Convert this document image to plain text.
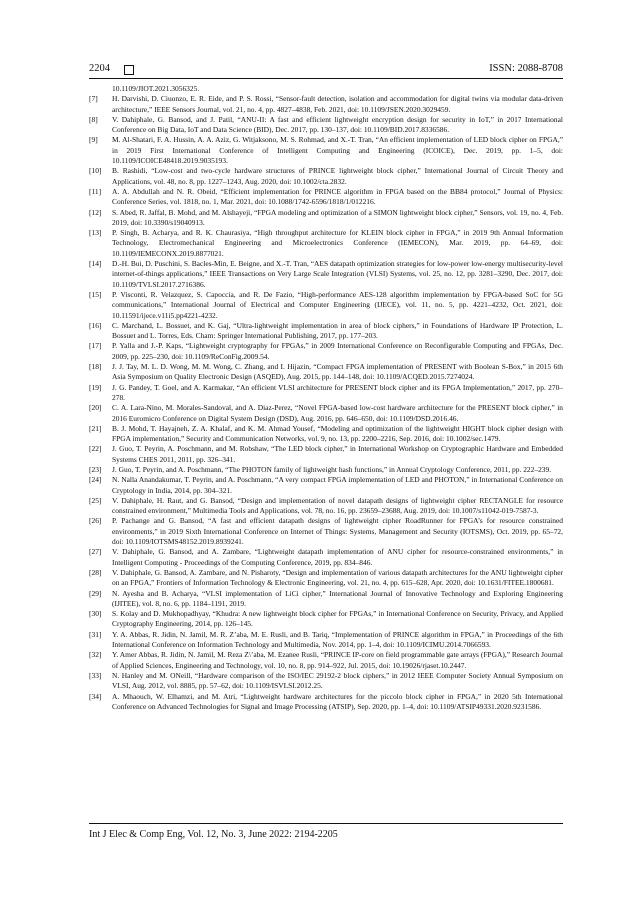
2204	ISSN: 2088-8708
10.1109/JIOT.2021.3056325.
[7] H. Darvishi, D. Ciuonzo, E. R. Eide, and P. S. Rossi, “Sensor-fault detection, isolation and accommodation for digital twins via modular data-driven architecture,” IEEE Sensors Journal, vol. 21, no. 4, pp. 4827–4838, Feb. 2021, doi: 10.1109/JSEN.2020.3029459.
[8] V. Dahiphale, G. Bansod, and J. Patil, “ANU-II: A fast and efficient lightweight encryption design for security in IoT,” in 2017 International Conference on Big Data, IoT and Data Science (BID), Dec. 2017, pp. 130–137, doi: 10.1109/BID.2017.8336586.
[9] M. Al-Shatari, F. A. Hussin, A. A. Aziz, G. Witjaksono, M. S. Rohmad, and X.-T. Tran, “An efficient implementation of LED block cipher on FPGA,” in 2019 First International Conference of Intelligent Computing and Engineering (ICOICE), Dec. 2019, pp. 1–5, doi: 10.1109/ICOICE48418.2019.9035193.
[10] B. Rashidi, “Low-cost and two-cycle hardware structures of PRINCE lightweight block cipher,” International Journal of Circuit Theory and Applications, vol. 48, no. 8, pp. 1227–1243, Aug. 2020, doi: 10.1002/cta.2832.
[11] A. A. Abdullah and N. R. Obeid, “Efficient implementation for PRINCE algorithm in FPGA based on the BB84 protocol,” Journal of Physics: Conference Series, vol. 1818, no. 1, Mar. 2021, doi: 10.1088/1742-6596/1818/1/012216.
[12] S. Abed, R. Jaffal, B. Mohd, and M. Alshayeji, “FPGA modeling and optimization of a SIMON lightweight block cipher,” Sensors, vol. 19, no. 4, Feb. 2019, doi: 10.3390/s19040913.
[13] P. Singh, B. Acharya, and R. K. Chaurasiya, “High throughput architecture for KLEIN block cipher in FPGA,” in 2019 9th Annual Information Technology, Electromechanical Engineering and Microelectronics Conference (IEMECON), Mar. 2019, pp. 64–69, doi: 10.1109/IEMECONX.2019.8877021.
[14] D.-H. Bui, D. Puschini, S. Bacles-Min, E. Beigne, and X.-T. Tran, “AES datapath optimization strategies for low-power low-energy multisecurity-level internet-of-things applications,” IEEE Transactions on Very Large Scale Integration (VLSI) Systems, vol. 25, no. 12, pp. 3281–3290, Dec. 2017, doi: 10.1109/TVLSI.2017.2716386.
[15] P. Visconti, R. Velazquez, S. Capoccia, and R. De Fazio, “High-performance AES-128 algorithm implementation by FPGA-based SoC for 5G communications,” International Journal of Electrical and Computer Engineering (IJECE), vol. 11, no. 5, pp. 4221–4232, Oct. 2021, doi: 10.11591/ijece.v11i5.pp4221-4232.
[16] C. Marchand, L. Bossuet, and K. Gaj, “Ultra-lightweight implementation in area of block ciphers,” in Foundations of Hardware IP Protection, L. Bossuet and L. Torres, Eds. Cham: Springer International Publishing, 2017, pp. 177–203.
[17] P. Yalla and J.-P. Kaps, “Lightweight cryptography for FPGAs,” in 2009 International Conference on Reconfigurable Computing and FPGAs, Dec. 2009, pp. 225–230, doi: 10.1109/ReConFig.2009.54.
[18] J. J. Tay, M. L. D. Wong, M. M. Wong, C. Zhang, and I. Hijazin, “Compact FPGA implementation of PRESENT with Boolean S-Box,” in 2015 6th Asia Symposium on Quality Electronic Design (ASQED), Aug. 2015, pp. 144–148, doi: 10.1109/ACQED.2015.7274024.
[19] J. G. Pandey, T. Goel, and A. Karmakar, “An efficient VLSI architecture for PRESENT block cipher and its FPGA Implementation,” 2017, pp. 270–278.
[20] C. A. Lara-Nino, M. Morales-Sandoval, and A. Diaz-Perez, “Novel FPGA-based low-cost hardware architecture for the PRESENT block cipher,” in 2016 Euromicro Conference on Digital System Design (DSD), Aug. 2016, pp. 646–650, doi: 10.1109/DSD.2016.46.
[21] B. J. Mohd, T. Hayajneh, Z. A. Khalaf, and K. M. Ahmad Yousef, “Modeling and optimization of the lightweight HIGHT block cipher design with FPGA implementation,” Security and Communication Networks, vol. 9, no. 13, pp. 2200–2216, Sep. 2016, doi: 10.1002/sec.1479.
[22] J. Guo, T. Peyrin, A. Poschmann, and M. Robshaw, “The LED block cipher,” in International Workshop on Cryptographic Hardware and Embedded Systems CHES 2011, 2011, pp. 326–341.
[23] J. Guo, T. Peyrin, and A. Poschmann, “The PHOTON family of lightweight hash functions,” in Annual Cryptology Conference, 2011, pp. 222–239.
[24] N. Nalla Anandakumar, T. Peyrin, and A. Poschmann, “A very compact FPGA implementation of LED and PHOTON,” in International Conference on Cryptology in India, 2014, pp. 304–321.
[25] V. Dahiphale, H. Raut, and G. Bansod, “Design and implementation of novel datapath designs of lightweight cipher RECTANGLE for resource constrained environment,” Multimedia Tools and Applications, vol. 78, no. 16, pp. 23659–23688, Aug. 2019, doi: 10.1007/s11042-019-7587-3.
[26] P. Pachange and G. Bansod, “A fast and efficient datapath designs of lightweight cipher RoadRunner for FPGA’s for resource constrained environments,” in 2019 Sixth International Conference on Internet of Things: Systems, Management and Security (IOTSMS), Oct. 2019, pp. 65–72, doi: 10.1109/IOTSMS48152.2019.8939241.
[27] V. Dahiphale, G. Bansod, and A. Zambare, “Lightweight datapath implementation of ANU cipher for resource-constrained environments,” in Intelligent Computing - Proceedings of the Computing Conference, 2019, pp. 834–846.
[28] V. Dahiphale, G. Bansod, A. Zambare, and N. Pisharoty, “Design and implementation of various datapath architectures for the ANU lightweight cipher on an FPGA,” Frontiers of Information Technology & Electronic Engineering, vol. 21, no. 4, pp. 615–628, Apr. 2020, doi: 10.1631/FITEE.1800681.
[29] N. Ayesha and B. Acharya, “VLSI implementation of LiCi cipher,” International Journal of Innovative Technology and Exploring Engineering (IJITEE), vol. 8, no. 6, pp. 1184–1191, 2019.
[30] S. Kolay and D. Mukhopadhyay, “Khudra: A new lightweight block cipher for FPGAs,” in International Conference on Security, Privacy, and Applied Cryptography Engineering, 2014, pp. 126–145.
[31] Y. A. Abbas, R. Jidin, N. Jamil, M. R. Z’aba, M. E. Rusli, and B. Tariq, “Implementation of PRINCE algorithm in FPGA,” in Proceedings of the 6th International Conference on Information Technology and Multimedia, Nov. 2014, pp. 1–4, doi: 10.1109/ICIMU.2014.7066593.
[32] Y. Amer Abbas, R. Jidin, N. Jamil, M. Reza Z\’aba, M. Ezanee Rusli, “PRINCE IP-core on field programmable gate arrays (FPGA),” Research Journal of Applied Sciences, Engineering and Technology, vol. 10, no. 8, pp. 914–922, Jul. 2015, doi: 10.19026/rjaset.10.2447.
[33] N. Hanley and M. ONeill, “Hardware comparison of the ISO/IEC 29192-2 block ciphers,” in 2012 IEEE Computer Society Annual Symposium on VLSI, Aug. 2012, vol. 8885, pp. 57–62, doi: 10.1109/ISVLSI.2012.25.
[34] A. Mhaouch, W. Elhamzi, and M. Atri, “Lightweight hardware architectures for the piccolo block cipher in FPGA,” in 2020 5th International Conference on Advanced Technologies for Signal and Image Processing (ATSIP), Sep. 2020, pp. 1–4, doi: 10.1109/ATSIP49331.2020.9231586.
Int J Elec & Comp Eng, Vol. 12, No. 3, June 2022: 2194-2205
